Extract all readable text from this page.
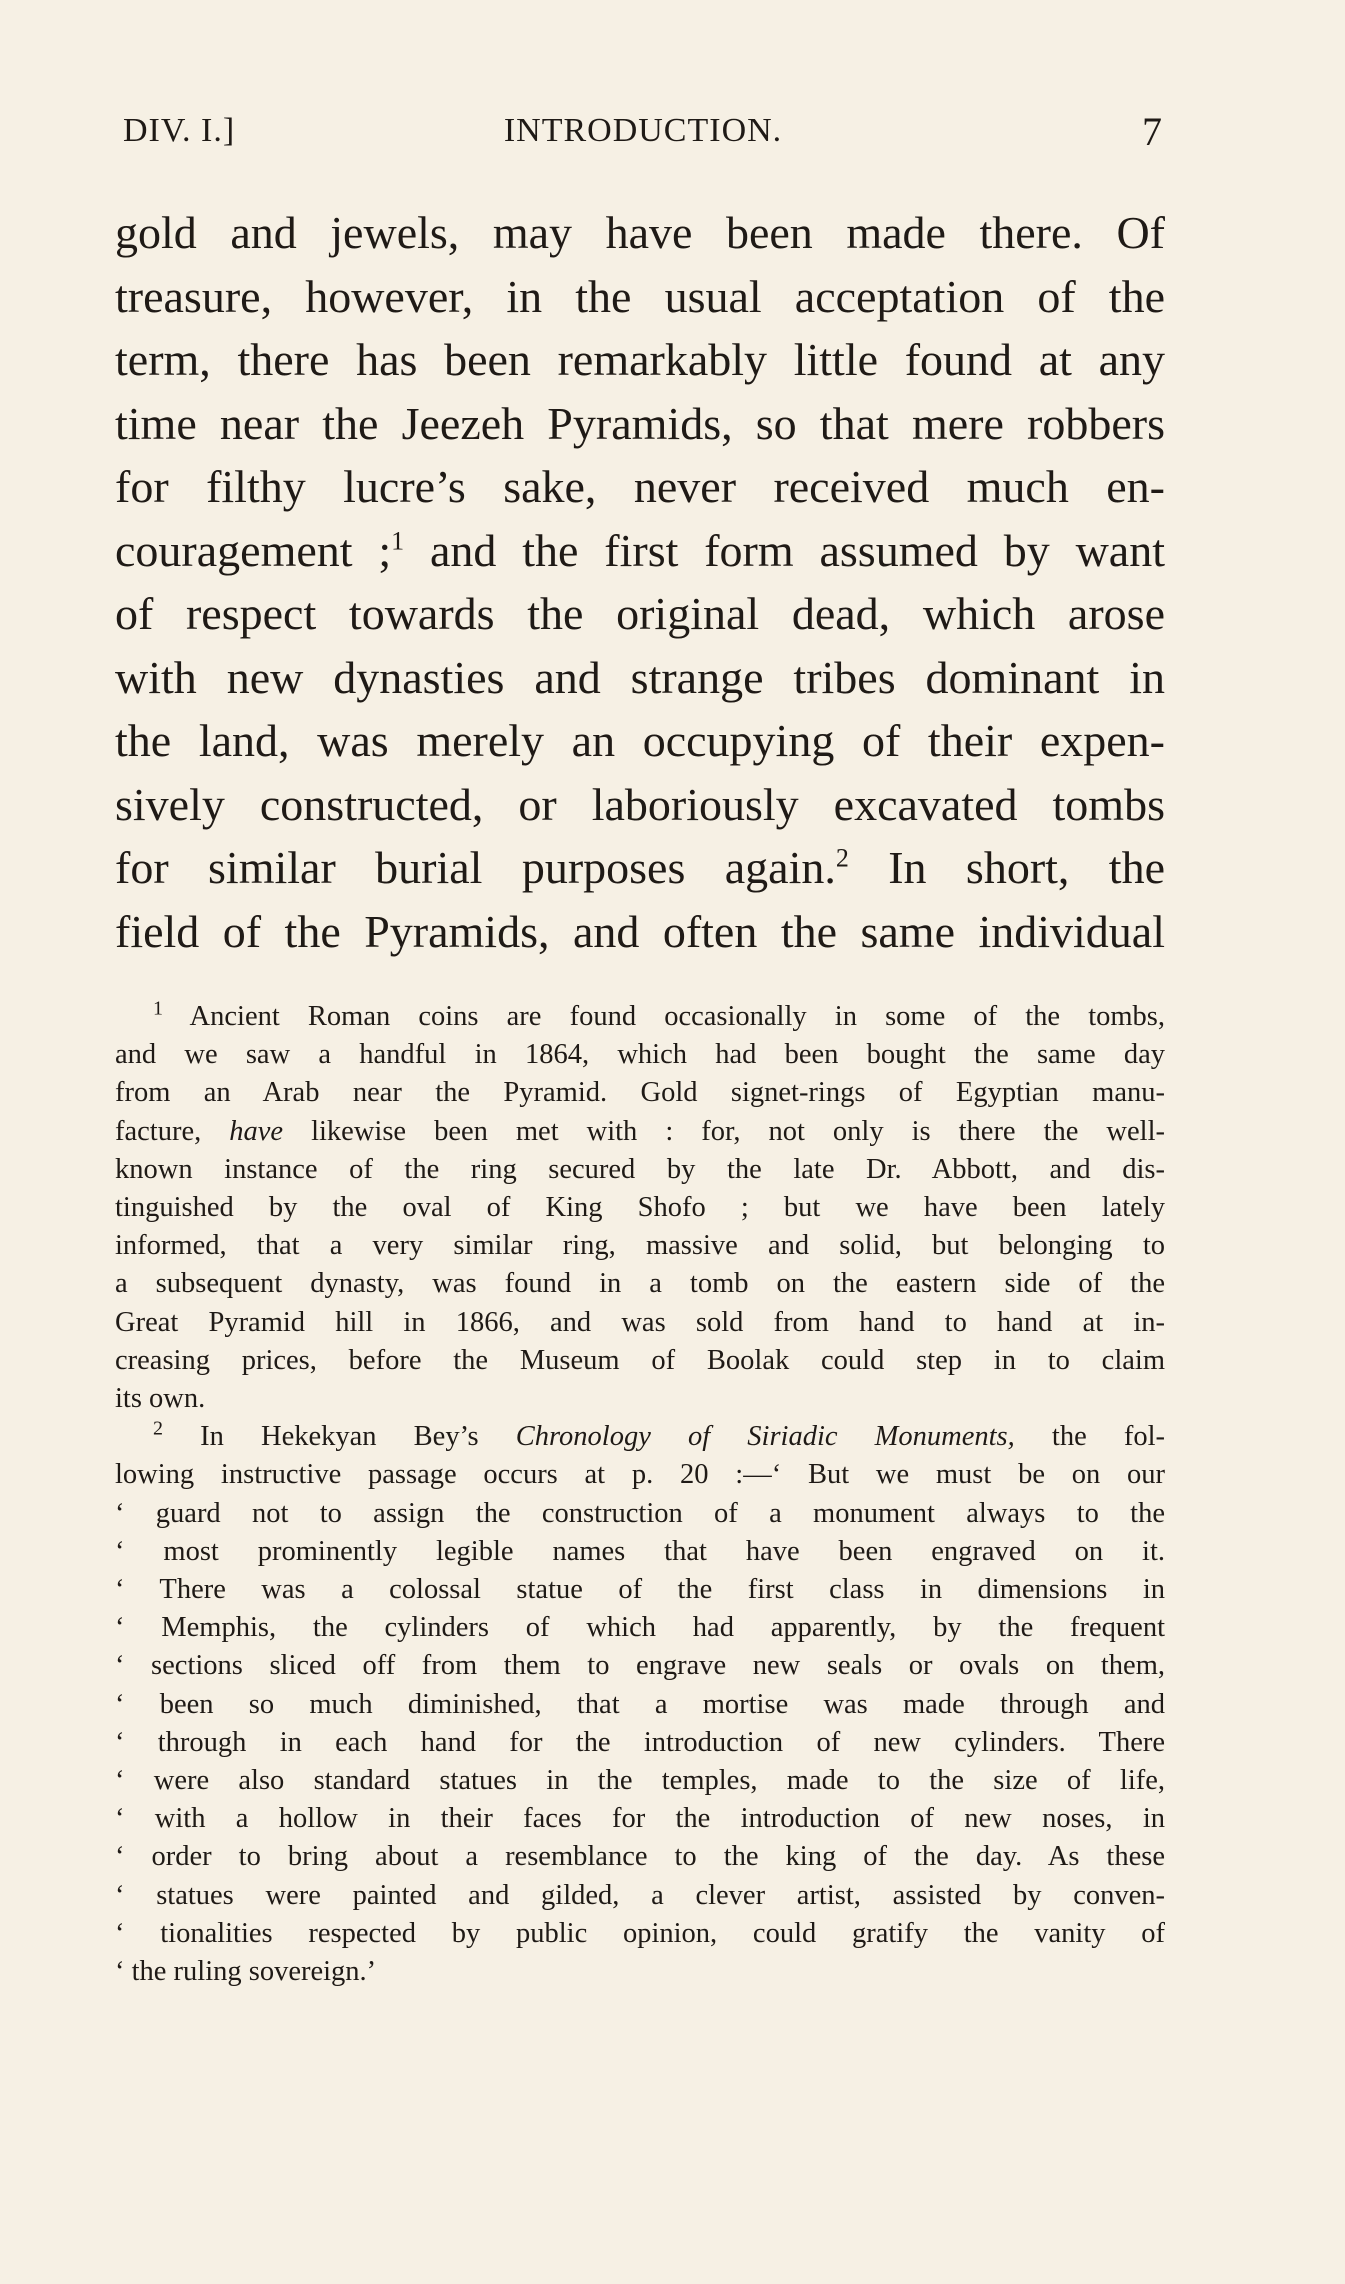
DIV. I.]	INTRODUCTION.	7
gold and jewels, may have been made there. Of
treasure, however, in the usual acceptation of the
term, there has been remarkably little found at any
time near the Jeezeh Pyramids, so that mere robbers
for filthy lucre’s sake, never received much en-
couragement ;$^1$ and the first form assumed by want
of respect towards the original dead, which arose
with new dynasties and strange tribes dominant in
the land, was merely an occupying of their expen-
sively constructed, or laboriously excavated tombs
for similar burial purposes again.$^2$ In short, the
field of the Pyramids, and often the same individual
$^1$ Ancient Roman coins are found occasionally in some of the tombs,
and we saw a handful in 1864, which had been bought the same day
from an Arab near the Pyramid. Gold signet-rings of Egyptian manu-
facture, have likewise been met with : for, not only is there the well-
known instance of the ring secured by the late Dr. Abbott, and dis-
tinguished by the oval of King Shofo ; but we have been lately
informed, that a very similar ring, massive and solid, but belonging to
a subsequent dynasty, was found in a tomb on the eastern side of the
Great Pyramid hill in 1866, and was sold from hand to hand at in-
creasing prices, before the Museum of Boolak could step in to claim
its own.
$^2$ In Hekekyan Bey’s Chronology of Siriadic Monuments, the fol-
lowing instructive passage occurs at p. 20 :—‘ But we must be on our
‘ guard not to assign the construction of a monument always to the
‘ most prominently legible names that have been engraved on it.
‘ There was a colossal statue of the first class in dimensions in
‘ Memphis, the cylinders of which had apparently, by the frequent
‘ sections sliced off from them to engrave new seals or ovals on them,
‘ been so much diminished, that a mortise was made through and
‘ through in each hand for the introduction of new cylinders. There
‘ were also standard statues in the temples, made to the size of life,
‘ with a hollow in their faces for the introduction of new noses, in
‘ order to bring about a resemblance to the king of the day. As these
‘ statues were painted and gilded, a clever artist, assisted by conven-
‘ tionalities respected by public opinion, could gratify the vanity of
‘ the ruling sovereign.’
